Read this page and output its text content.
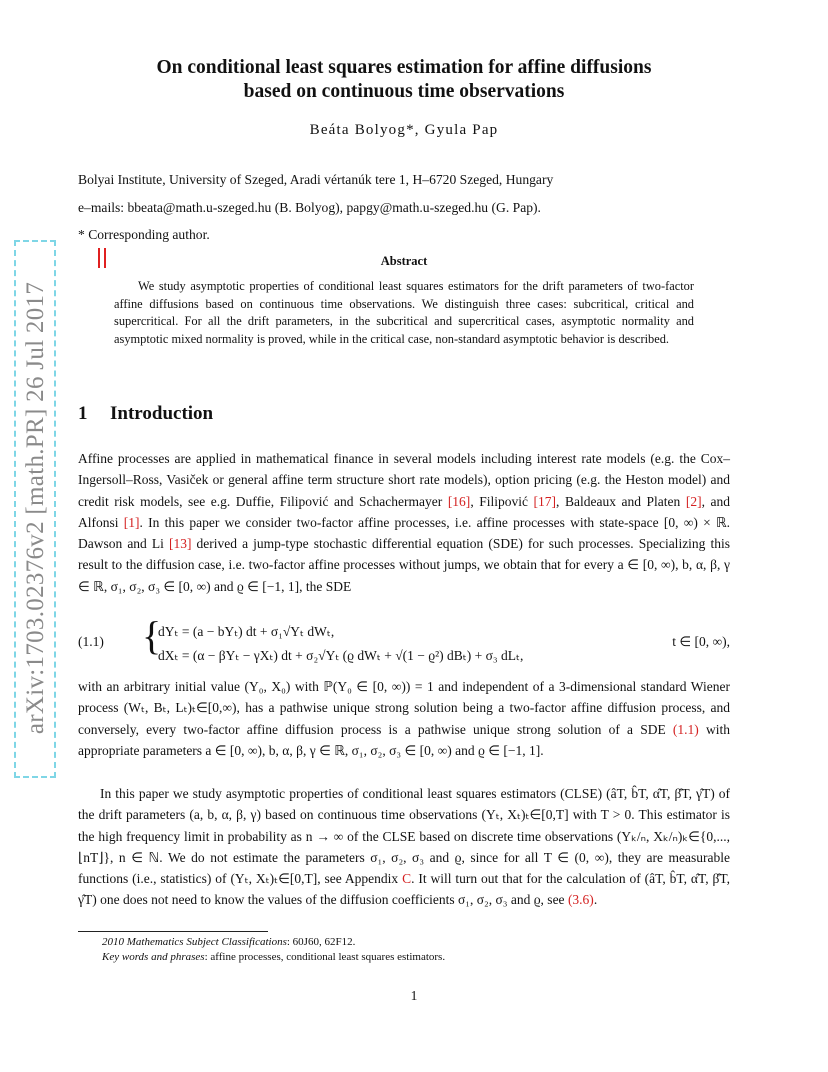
arXiv:1703.02376v2 [math.PR] 26 Jul 2017
On conditional least squares estimation for affine diffusions
based on continuous time observations
Beáta Bolyog*, Gyula Pap
Bolyai Institute, University of Szeged, Aradi vértanúk tere 1, H–6720 Szeged, Hungary
e–mails: bbeata@math.u-szeged.hu (B. Bolyog), papgy@math.u-szeged.hu (G. Pap).
* Corresponding author.
Abstract

We study asymptotic properties of conditional least squares estimators for the drift parameters of two-factor affine diffusions based on continuous time observations. We distinguish three cases: subcritical, critical and supercritical. For all the drift parameters, in the subcritical and supercritical cases, asymptotic normality and asymptotic mixed normality is proved, while in the critical case, non-standard asymptotic behavior is described.

1 Introduction

Affine processes are applied in mathematical finance in several models including interest rate models (e.g. the Cox–Ingersoll–Ross, Vasiček or general affine term structure short rate models), option pricing (e.g. the Heston model) and credit risk models, see e.g. Duffie, Filipović and Schachermayer [16], Filipović [17], Baldeaux and Platen [2], and Alfonsi [1]. In this paper we consider two-factor affine processes, i.e. affine processes with state-space [0, ∞) × ℝ. Dawson and Li [13] derived a jump-type stochastic differential equation (SDE) for such processes. Specializing this result to the diffusion case, i.e. two-factor affine processes without jumps, we obtain that for every a ∈ [0, ∞), b, α, β, γ ∈ ℝ, σ₁, σ₂, σ₃ ∈ [0, ∞) and ϱ ∈ [−1, 1], the SDE

(1.1) {
dYₜ = (a − bYₜ) dt + σ₁√Yₜ dWₜ,
dXₜ = (α − βYₜ − γXₜ) dt + σ₂√Yₜ (ϱ dWₜ + √(1 − ϱ²) dBₜ) + σ₃ dLₜ,
t ∈ [0, ∞),

with an arbitrary initial value (Y₀, X₀) with ℙ(Y₀ ∈ [0, ∞)) = 1 and independent of a 3-dimensional standard Wiener process (Wₜ, Bₜ, Lₜ)ₜ∈[0,∞), has a pathwise unique strong solution being a two-factor affine diffusion process, and conversely, every two-factor affine diffusion process is a pathwise unique strong solution of a SDE (1.1) with appropriate parameters a ∈ [0, ∞), b, α, β, γ ∈ ℝ, σ₁, σ₂, σ₃ ∈ [0, ∞) and ϱ ∈ [−1, 1].

In this paper we study asymptotic properties of conditional least squares estimators (CLSE) (âT, b̂T, α̂T, β̂T, γ̂T) of the drift parameters (a, b, α, β, γ) based on continuous time observations (Yₜ, Xₜ)ₜ∈[0,T] with T > 0. This estimator is the high frequency limit in probability as n → ∞ of the CLSE based on discrete time observations (Yₖ/ₙ, Xₖ/ₙ)ₖ∈{0,...,⌊nT⌋}, n ∈ ℕ. We do not estimate the parameters σ₁, σ₂, σ₃ and ϱ, since for all T ∈ (0, ∞), they are measurable functions (i.e., statistics) of (Yₜ, Xₜ)ₜ∈[0,T], see Appendix C. It will turn out that for the calculation of (âT, b̂T, α̂T, β̂T, γ̂T) one does not need to know the values of the diffusion coefficients σ₁, σ₂, σ₃ and ϱ, see (3.6).

2010 Mathematics Subject Classifications: 60J60, 62F12.
Key words and phrases: affine processes, conditional least squares estimators.
1
